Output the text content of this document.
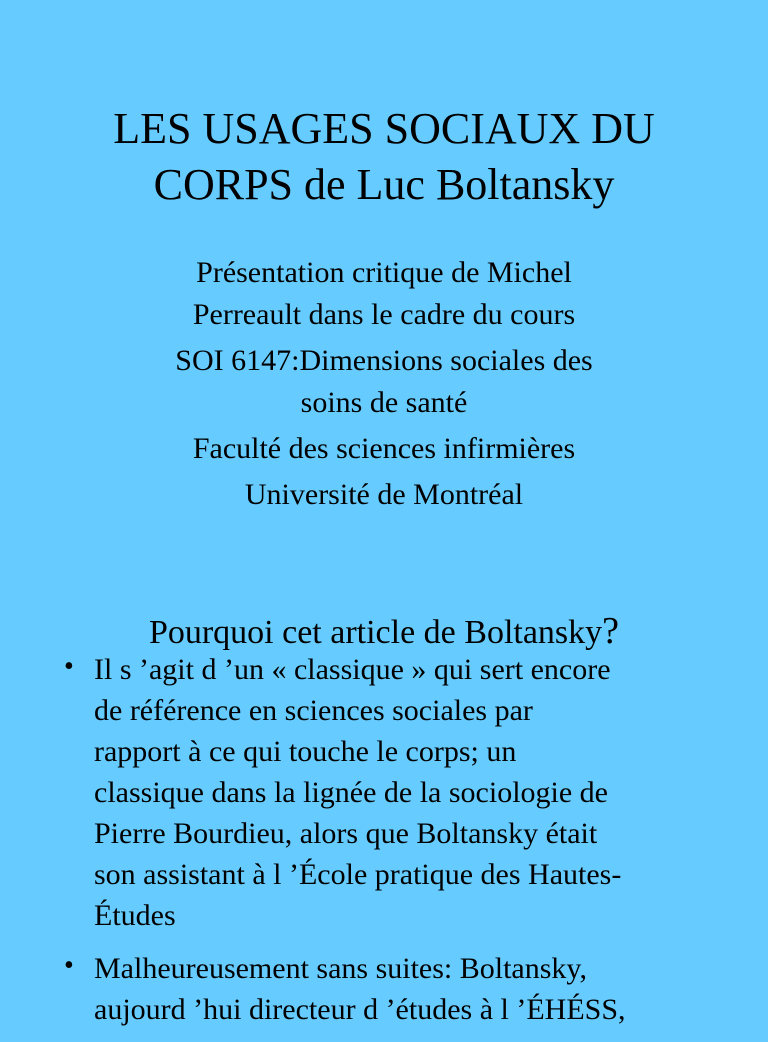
LES USAGES SOCIAUX DU
CORPS de Luc Boltansky
Présentation critique de Michel
Perreault dans le cadre du cours
SOI 6147:Dimensions sociales des
soins de santé
Faculté des sciences infirmières
Université de Montréal
Pourquoi cet article de Boltansky?
• Il s ’agit d ’un « classique » qui sert encore
de référence en sciences sociales par
rapport à ce qui touche le corps; un
classique dans la lignée de la sociologie de
Pierre Bourdieu, alors que Boltansky était
son assistant à l ’École pratique des Hautes-
Études
• Malheureusement sans suites: Boltansky,
aujourd ’hui directeur d ’études à l ’ÉHÉSS,
